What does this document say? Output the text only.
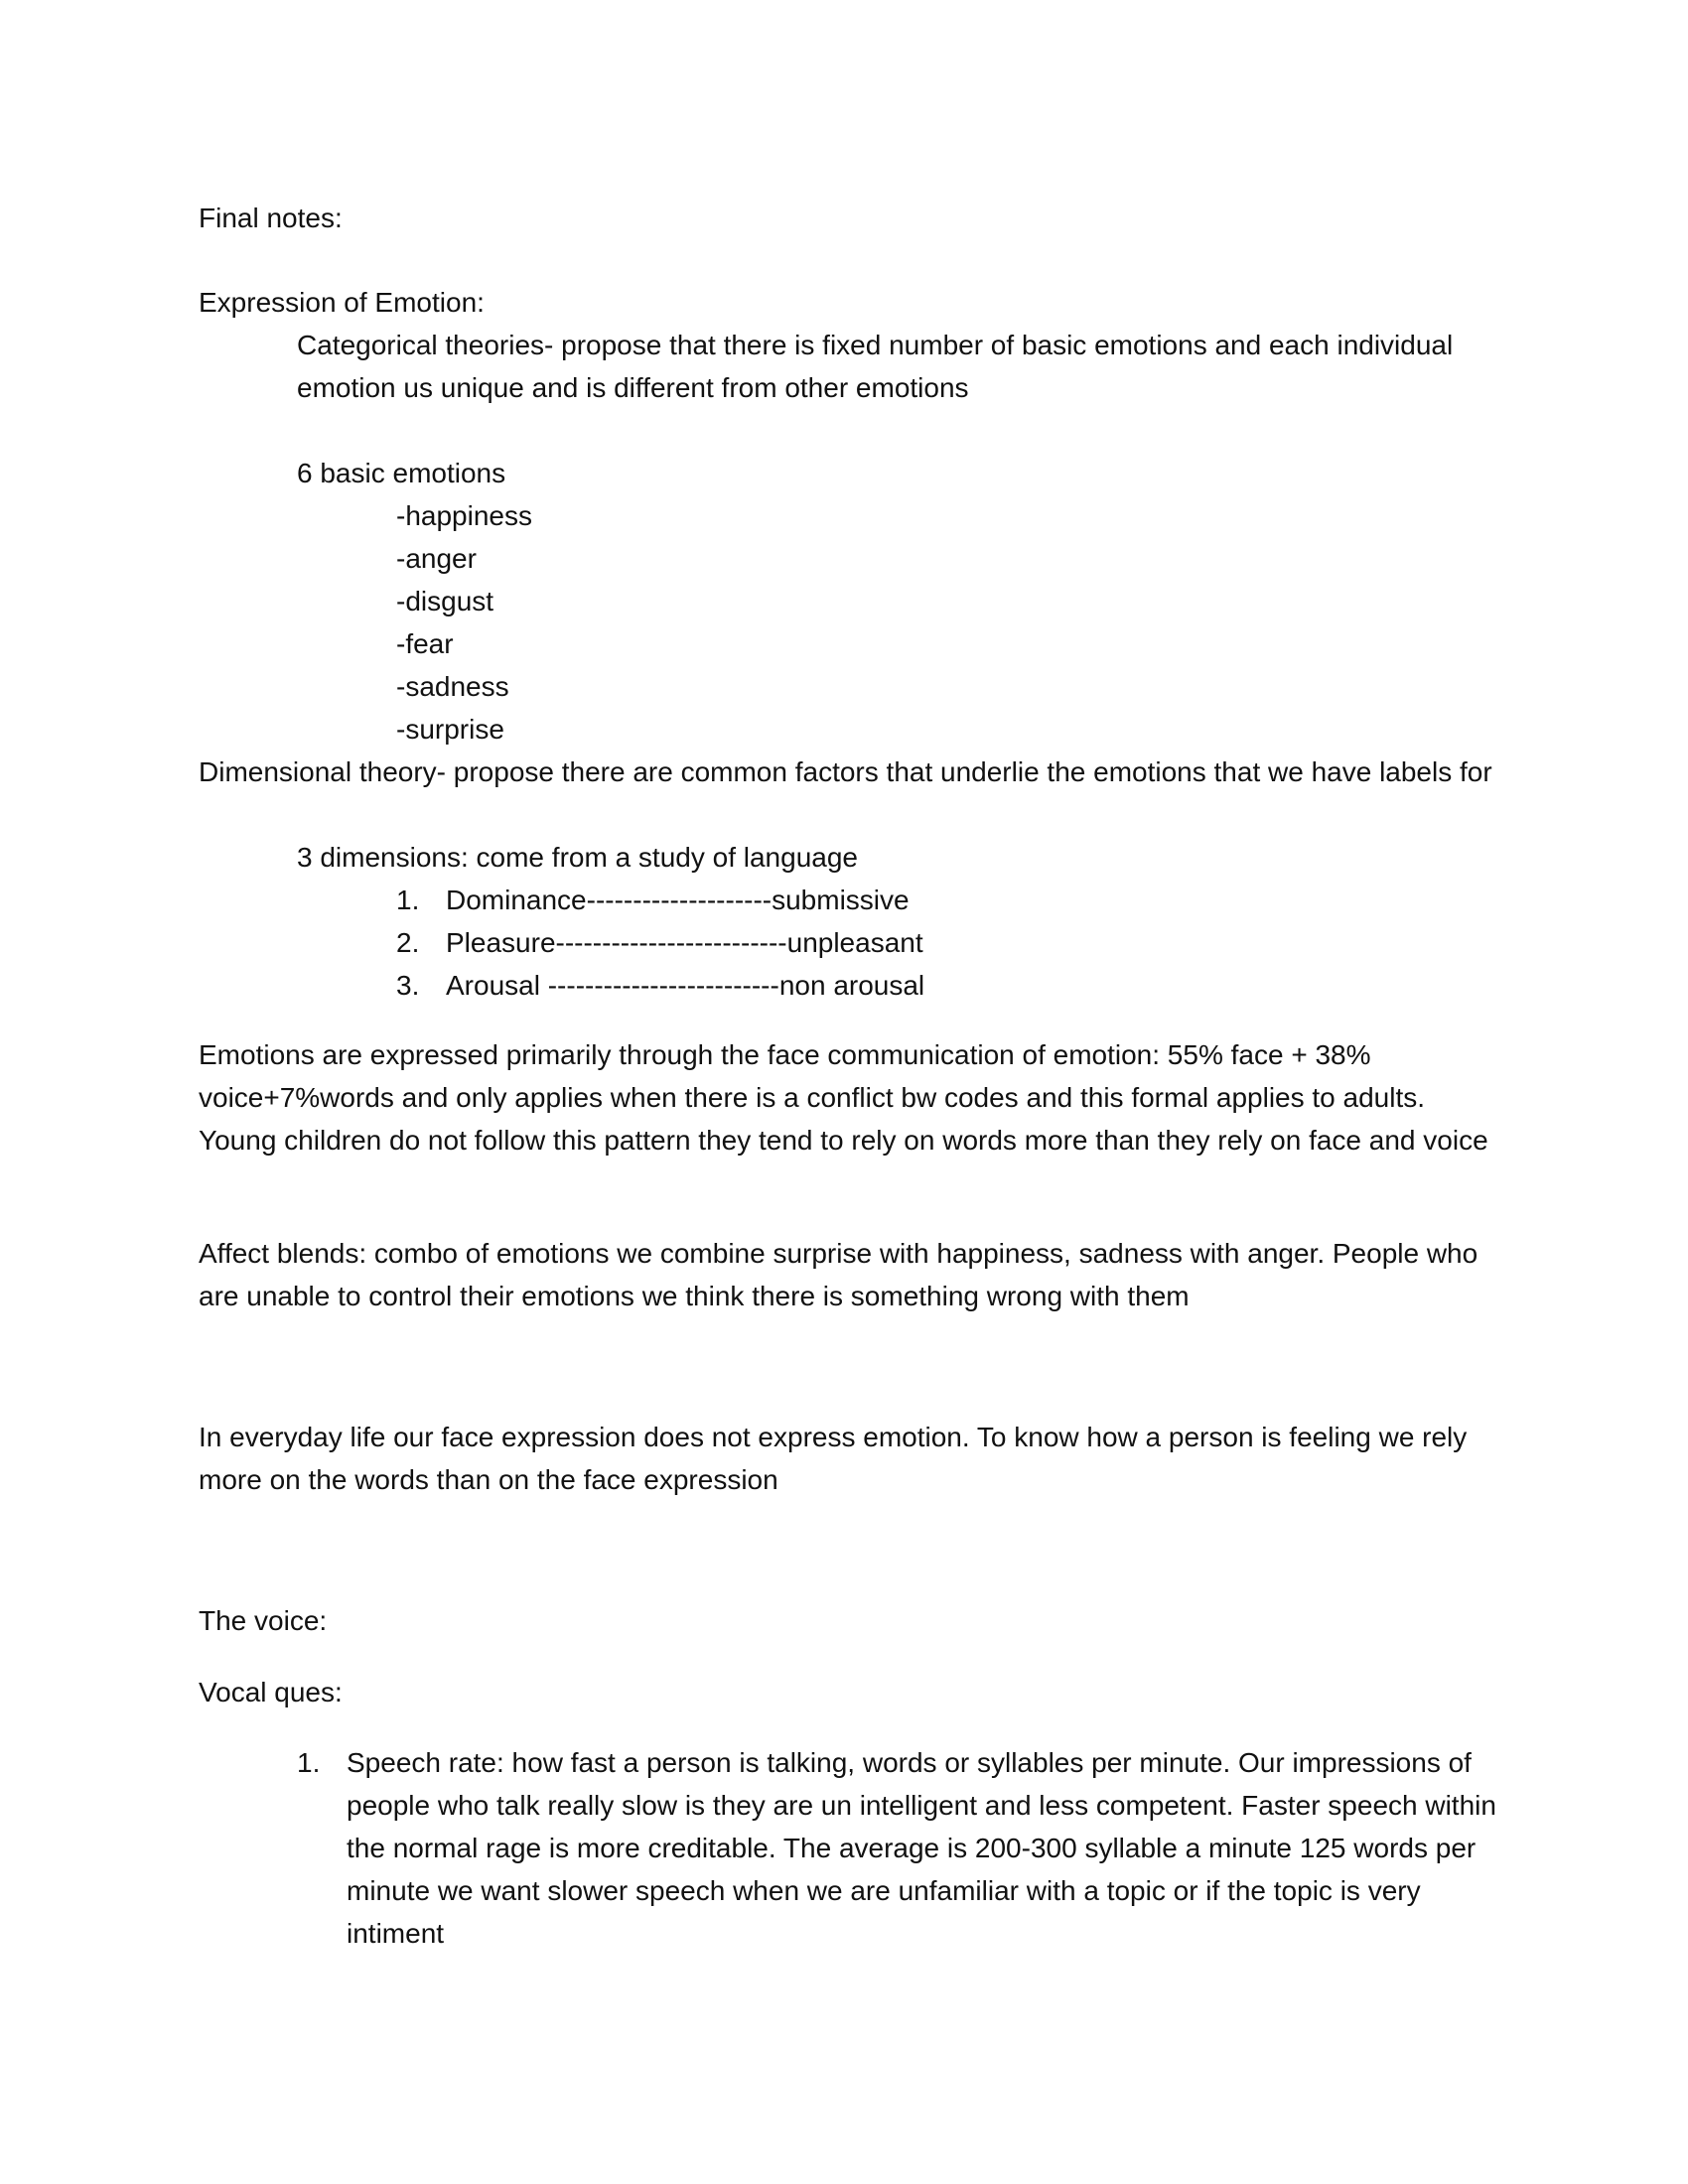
Final notes:
Expression of Emotion:
Categorical theories- propose that there is fixed number of basic emotions and each individual emotion us unique and is different from other emotions
6 basic emotions
-happiness
-anger
-disgust
-fear
-sadness
-surprise
Dimensional theory- propose there are common factors that underlie the emotions that we have labels for
3 dimensions: come from a study of language
1. Dominance--------------------submissive
2. Pleasure-------------------------unpleasant
3. Arousal -------------------------non arousal
Emotions are expressed primarily through the face communication of emotion: 55% face + 38% voice+7%words and only applies when there is a conflict bw codes and this formal applies to adults. Young children do not follow this pattern they tend to rely on words more than they rely on face and voice
Affect blends: combo of emotions we combine surprise with happiness, sadness with anger. People who are unable to control their emotions we think there is something wrong with them
In everyday life our face expression does not express emotion. To know how a person is feeling we rely more on the words than on the face expression
The voice:
Vocal ques:
1. Speech rate: how fast a person is talking, words or syllables per minute. Our impressions of people who talk really slow is they are un intelligent and less competent. Faster speech within the normal rage is more creditable. The average is 200-300 syllable a minute 125 words per minute we want slower speech when we are unfamiliar with a topic or if the topic is very intiment
